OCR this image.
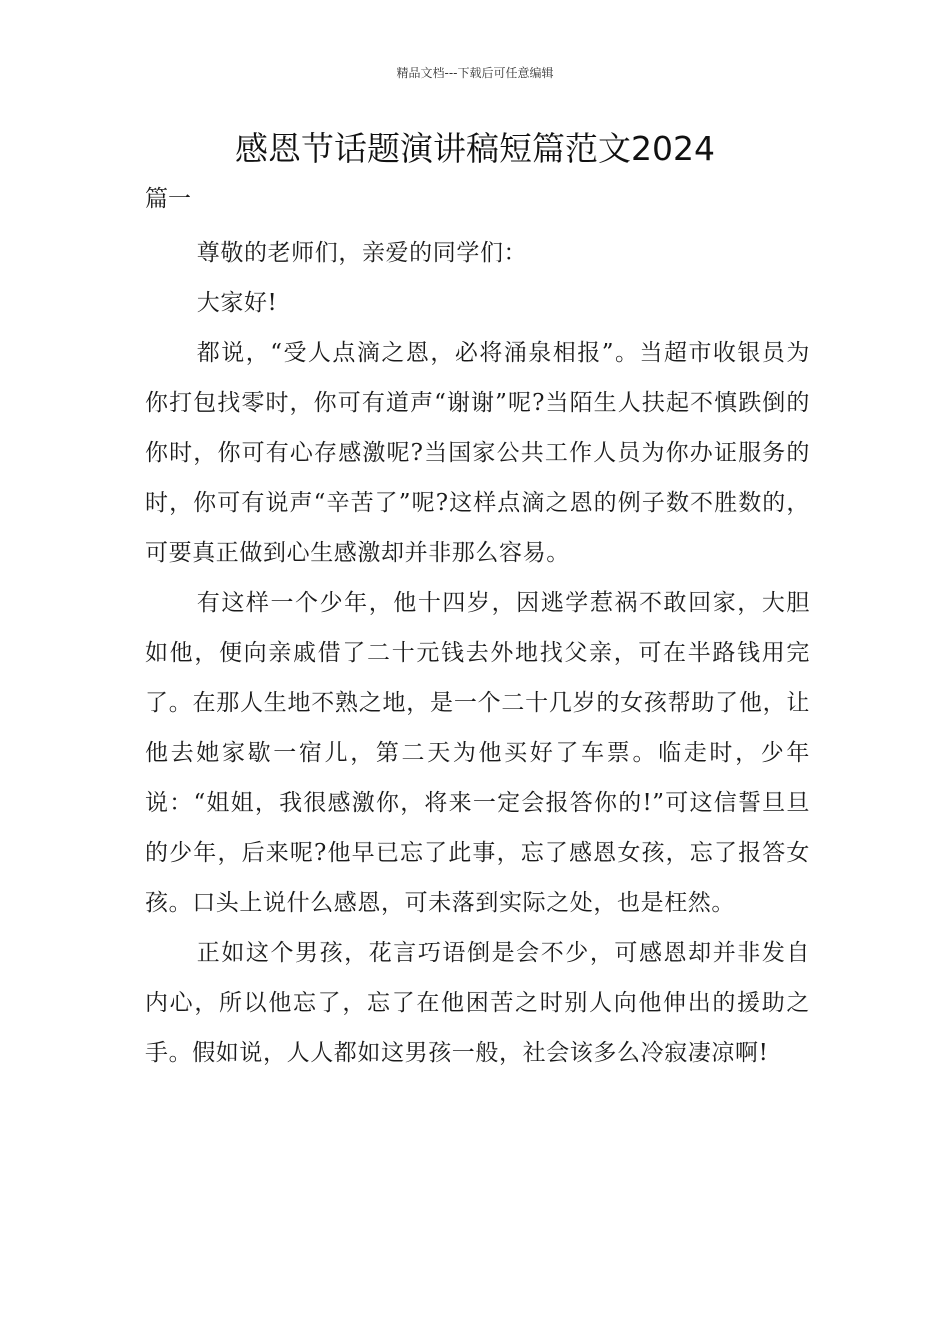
精品文档---下载后可任意编辑
感恩节话题演讲稿短篇范文2024
篇一

尊敬的老师们，亲爱的同学们：

大家好!

都说，“受人点滴之恩，必将涌泉相报”。当超市收银员为你打包找零时，你可有道声“谢谢”呢?当陌生人扶起不慎跌倒的你时，你可有心存感激呢?当国家公共工作人员为你办证服务的时，你可有说声“辛苦了”呢?这样点滴之恩的例子数不胜数的，可要真正做到心生感激却并非那么容易。

有这样一个少年，他十四岁，因逃学惹祸不敢回家，大胆如他，便向亲戚借了二十元钱去外地找父亲，可在半路钱用完了。在那人生地不熟之地，是一个二十几岁的女孩帮助了他，让他去她家歇一宿儿，第二天为他买好了车票。临走时，少年说：“姐姐，我很感激你，将来一定会报答你的!”可这信誓旦旦的少年，后来呢?他早已忘了此事，忘了感恩女孩，忘了报答女孩。口头上说什么感恩，可未落到实际之处，也是枉然。

正如这个男孩，花言巧语倒是会不少，可感恩却并非发自内心，所以他忘了，忘了在他困苦之时别人向他伸出的援助之手。假如说，人人都如这男孩一般，社会该多么冷寂凄凉啊!
